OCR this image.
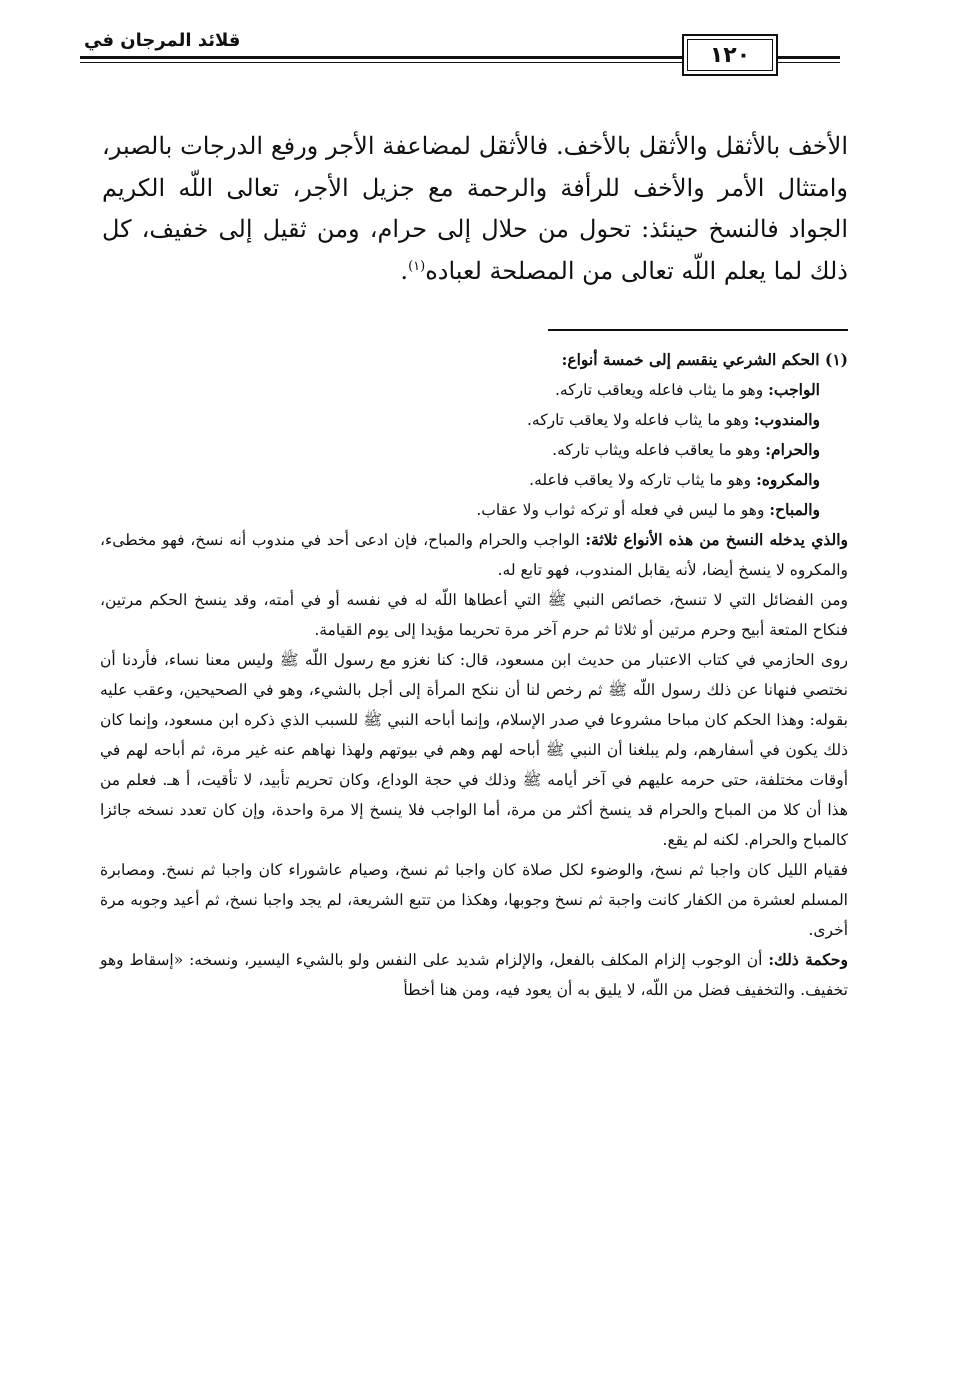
١٢٠
قلائد المرجان في

الأخف بالأثقل والأثقل بالأخف. فالأثقل لمضاعفة الأجر ورفع الدرجات بالصبر، وامتثال الأمر والأخف للرأفة والرحمة مع جزيل الأجر، تعالى اللّه الكريم الجواد فالنسخ حينئذ: تحول من حلال إلى حرام، ومن ثقيل إلى خفيف، كل ذلك لما يعلم اللّه تعالى من المصلحة لعباده$^{(١)}$.

(١) الحكم الشرعي ينقسم إلى خمسة أنواع:

الواجب: وهو ما يثاب فاعله ويعاقب تاركه.

والمندوب: وهو ما يثاب فاعله ولا يعاقب تاركه.

والحرام: وهو ما يعاقب فاعله ويثاب تاركه.

والمكروه: وهو ما يثاب تاركه ولا يعاقب فاعله.

والمباح: وهو ما ليس في فعله أو تركه ثواب ولا عقاب.

والذي يدخله النسخ من هذه الأنواع ثلاثة: الواجب والحرام والمباح، فإن ادعى أحد في مندوب أنه نسخ، فهو مخطىء، والمكروه لا ينسخ أيضا، لأنه يقابل المندوب، فهو تابع له.

ومن الفضائل التي لا تنسخ، خصائص النبي ﷺ التي أعطاها اللّه له في نفسه أو في أمته، وقد ينسخ الحكم مرتين، فنكاح المتعة أبيح وحرم مرتين أو ثلاثا ثم حرم آخر مرة تحريما مؤيدا إلى يوم القيامة.

روى الحازمي في كتاب الاعتبار من حديث ابن مسعود، قال: كنا نغزو مع رسول اللّه ﷺ وليس معنا نساء، فأردنا أن نختصي فنهانا عن ذلك رسول اللّه ﷺ ثم رخص لنا أن ننكح المرأة إلى أجل بالشيء، وهو في الصحيحين، وعقب عليه بقوله: وهذا الحكم كان مباحا مشروعا في صدر الإسلام، وإنما أباحه النبي ﷺ للسبب الذي ذكره ابن مسعود، وإنما كان ذلك يكون في أسفارهم، ولم يبلغنا أن النبي ﷺ أباحه لهم وهم في بيوتهم ولهذا نهاهم عنه غير مرة، ثم أباحه لهم في أوقات مختلفة، حتى حرمه عليهم في آخر أيامه ﷺ وذلك في حجة الوداع، وكان تحريم تأبيد، لا تأقيت، أ هـ. فعلم من هذا أن كلا من المباح والحرام قد ينسخ أكثر من مرة، أما الواجب فلا ينسخ إلا مرة واحدة، وإن كان تعدد نسخه جائزا كالمباح والحرام. لكنه لم يقع.

فقيام الليل كان واجبا ثم نسخ، والوضوء لكل صلاة كان واجبا ثم نسخ، وصيام عاشوراء كان واجبا ثم نسخ. ومصابرة المسلم لعشرة من الكفار كانت واجبة ثم نسخ وجوبها، وهكذا من تتبع الشريعة، لم يجد واجبا نسخ، ثم أعيد وجوبه مرة أخرى.

وحكمة ذلك: أن الوجوب إلزام المكلف بالفعل، والإلزام شديد على النفس ولو بالشيء اليسير، ونسخه: «إسقاط وهو تخفيف. والتخفيف فضل من اللّه، لا يليق به أن يعود فيه، ومن هنا أخطأ
